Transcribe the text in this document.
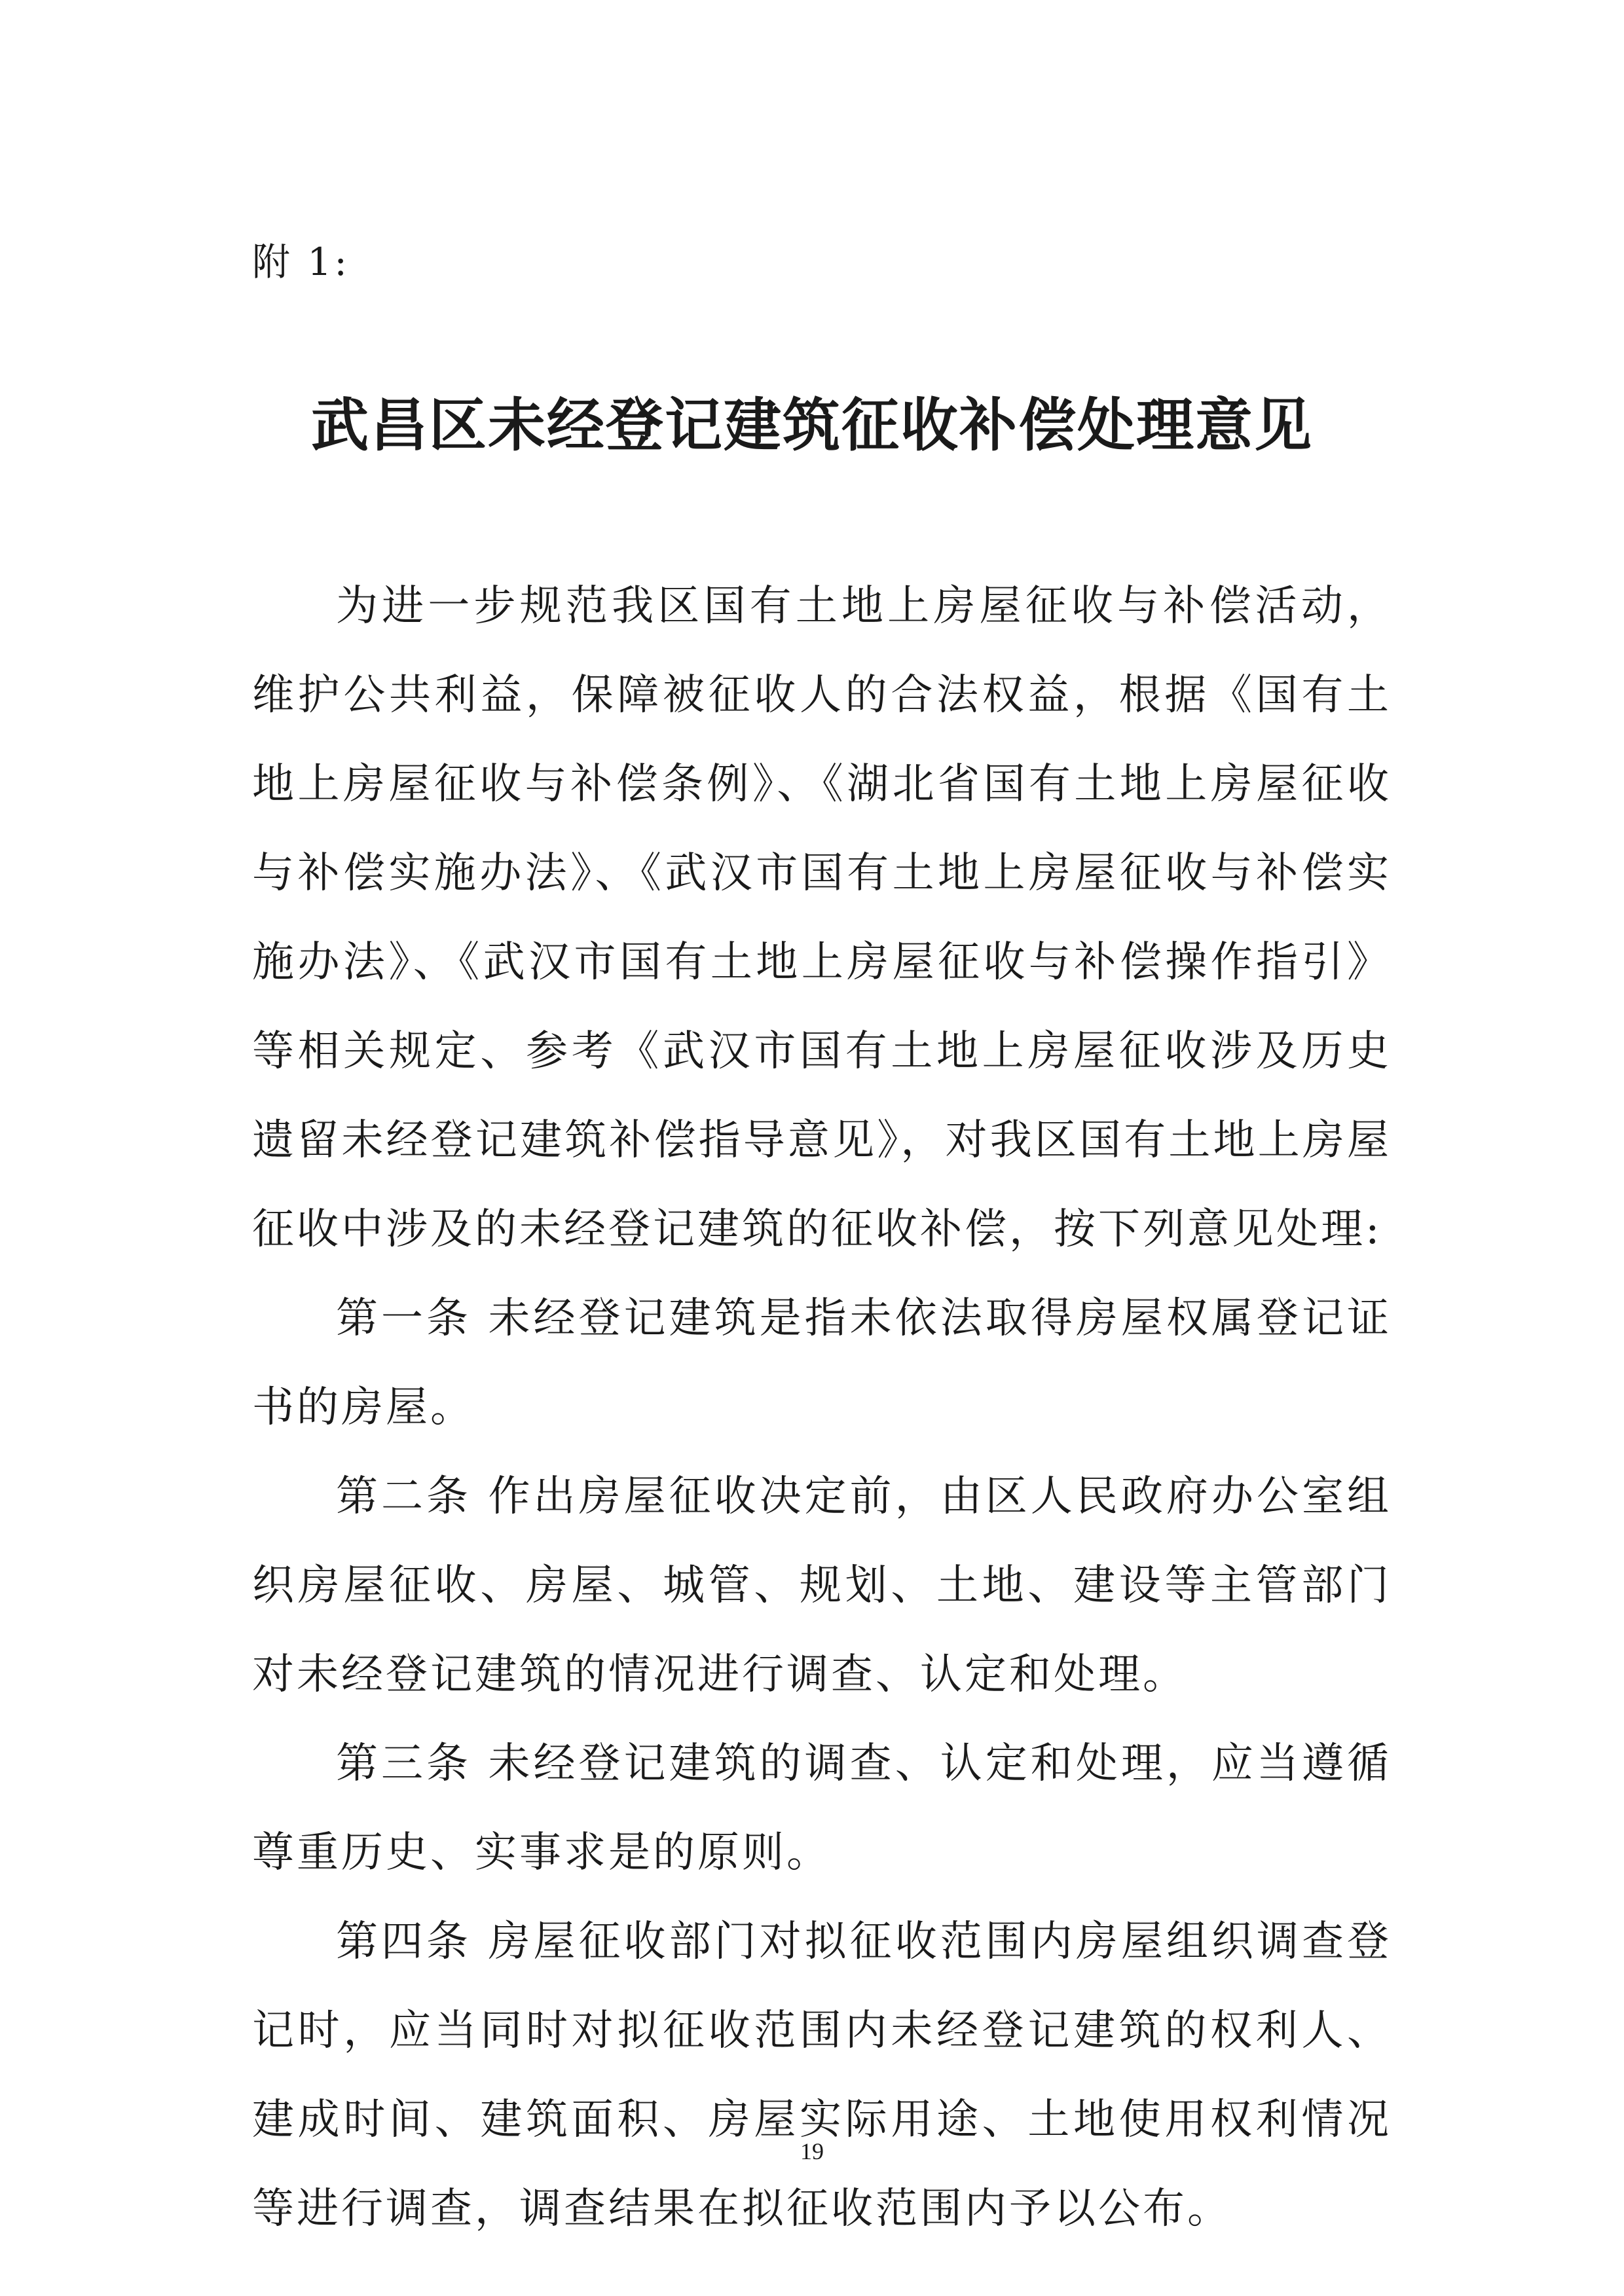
附 1:
武昌区未经登记建筑征收补偿处理意见

为进一步规范我区国有土地上房屋征收与补偿活动，维护公共利益，保障被征收人的合法权益，根据《国有土地上房屋征收与补偿条例》、《湖北省国有土地上房屋征收与补偿实施办法》、《武汉市国有土地上房屋征收与补偿实施办法》、《武汉市国有土地上房屋征收与补偿操作指引》等相关规定、参考《武汉市国有土地上房屋征收涉及历史遗留未经登记建筑补偿指导意见》，对我区国有土地上房屋征收中涉及的未经登记建筑的征收补偿，按下列意见处理:

第一条 未经登记建筑是指未依法取得房屋权属登记证书的房屋。

第二条 作出房屋征收决定前，由区人民政府办公室组织房屋征收、房屋、城管、规划、土地、建设等主管部门对未经登记建筑的情况进行调查、认定和处理。

第三条 未经登记建筑的调查、认定和处理，应当遵循尊重历史、实事求是的原则。

第四条 房屋征收部门对拟征收范围内房屋组织调查登记时，应当同时对拟征收范围内未经登记建筑的权利人、建成时间、建筑面积、房屋实际用途、土地使用权利情况等进行调查，调查结果在拟征收范围内予以公布。

19
